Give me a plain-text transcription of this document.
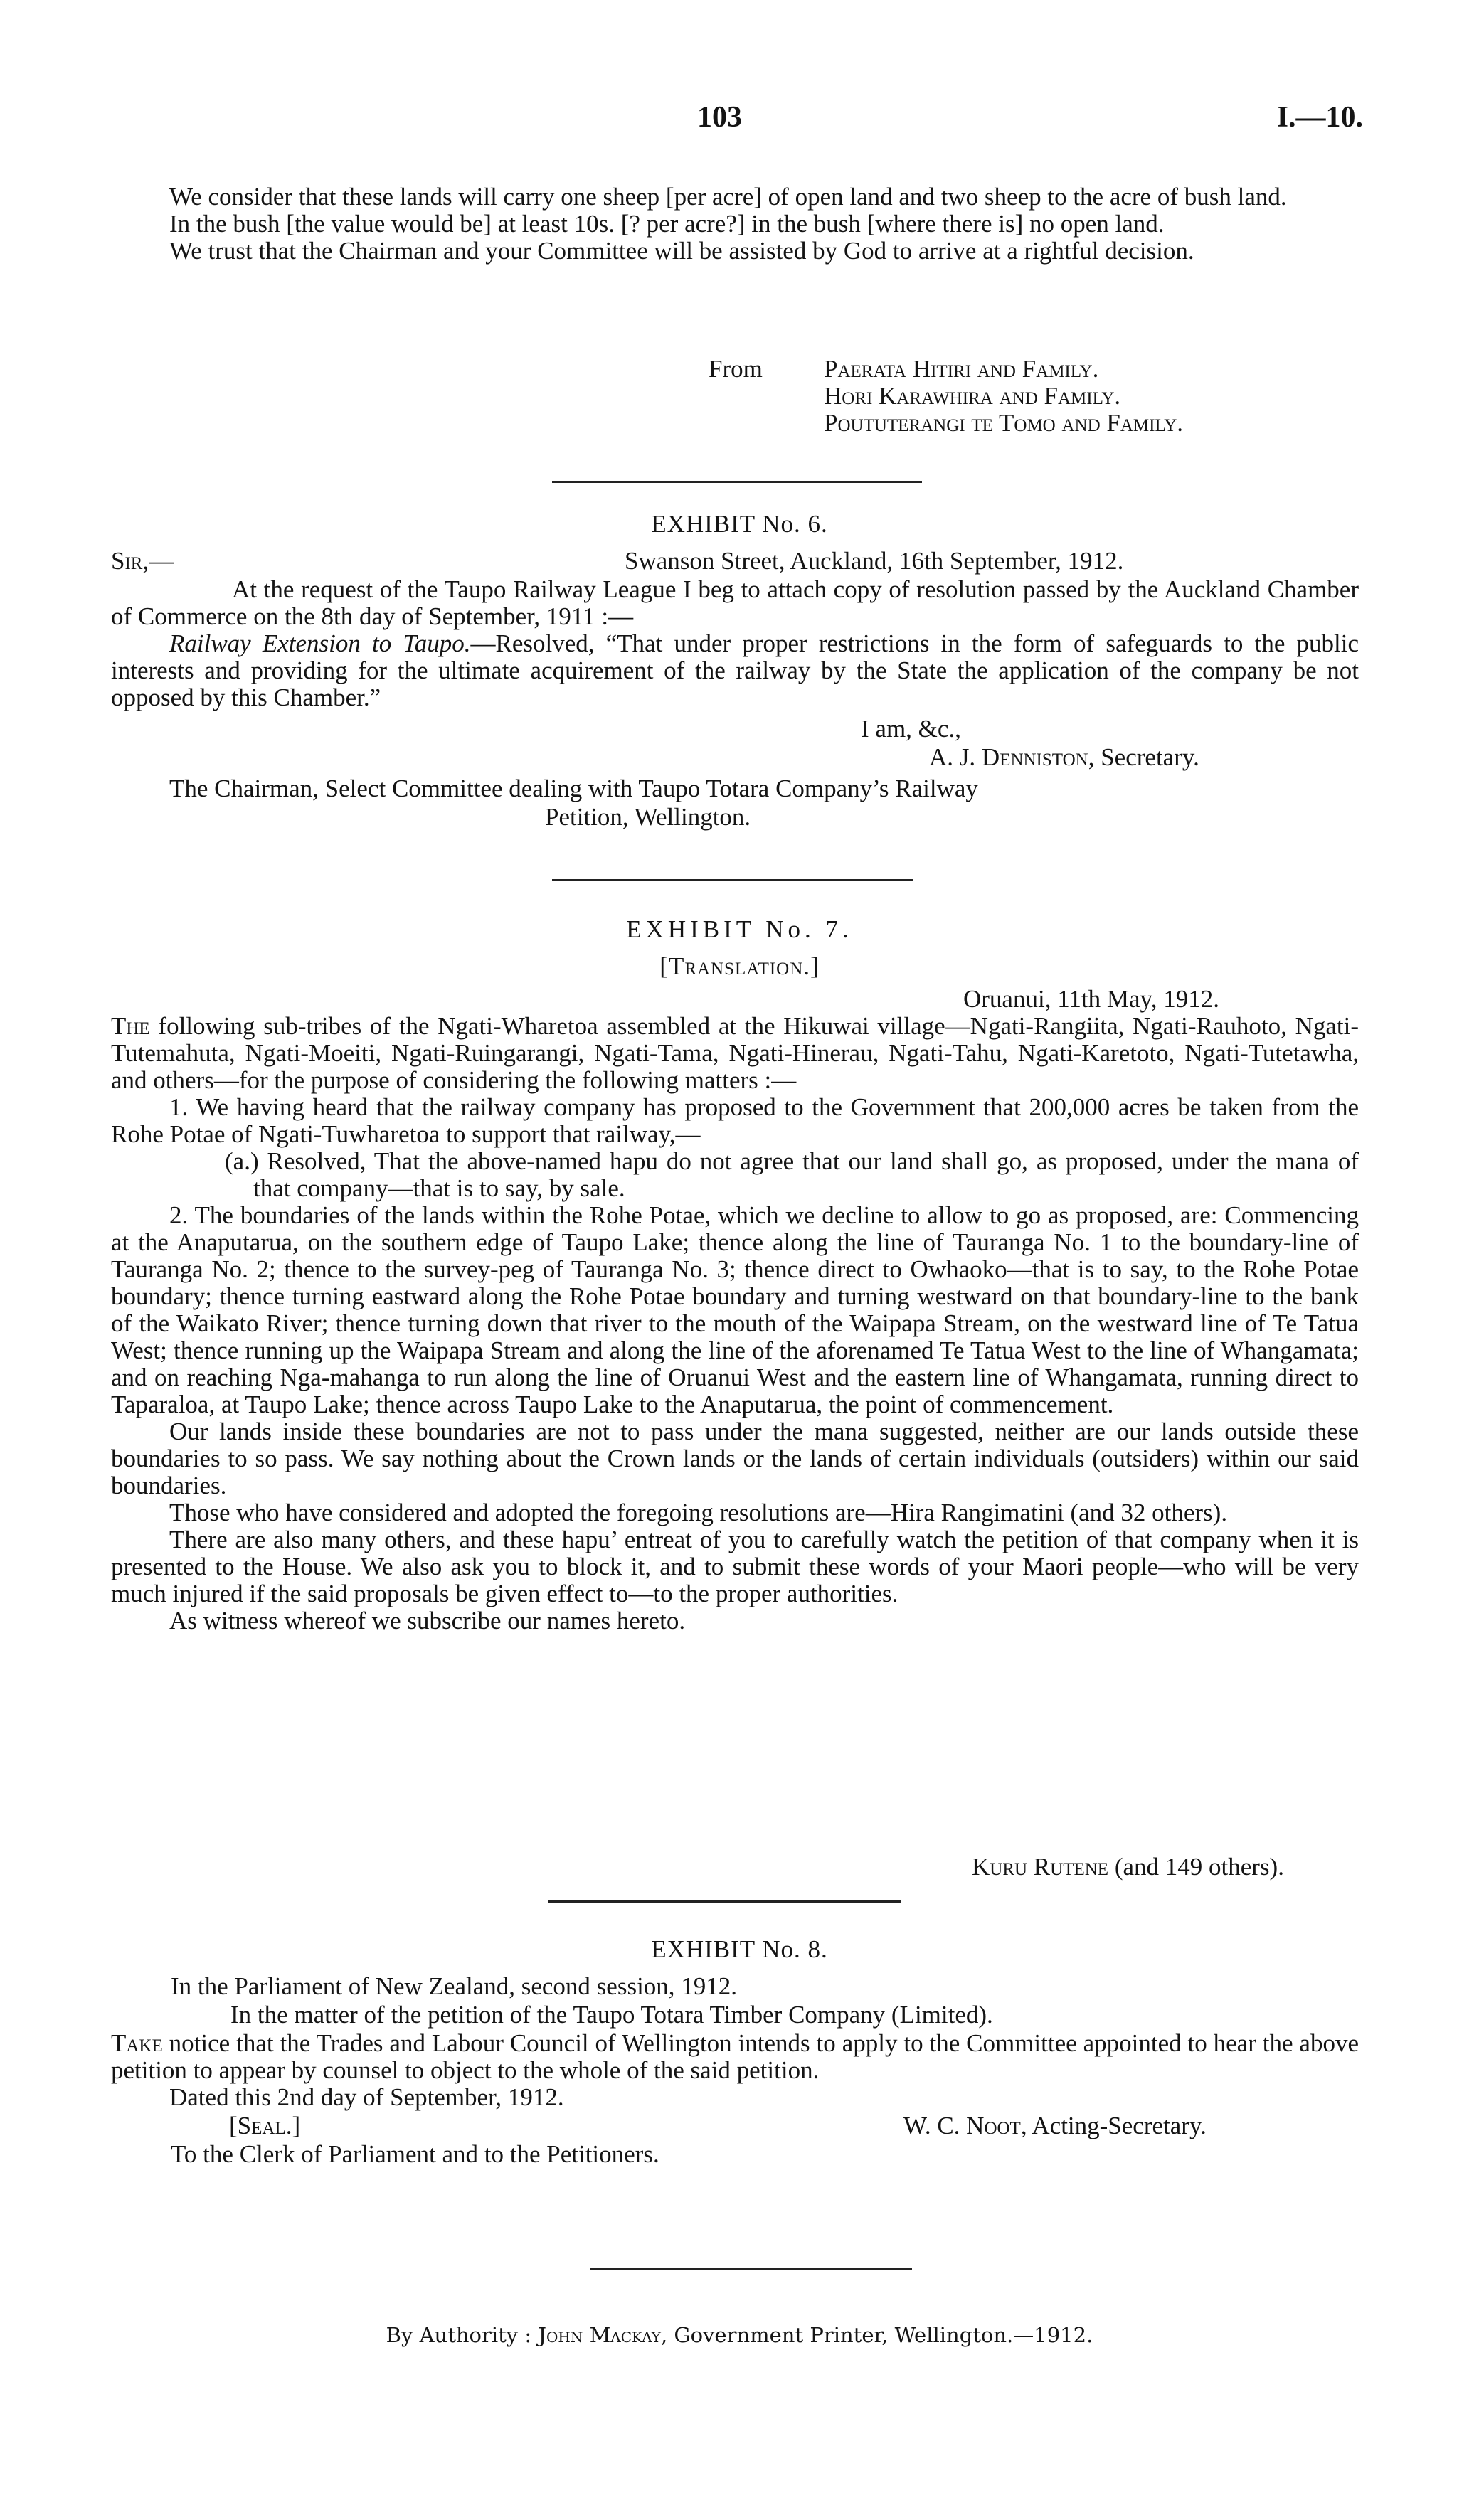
103	I.—10.

We consider that these lands will carry one sheep [per acre] of open land and two sheep to the acre of bush land.

In the bush [the value would be] at least 10s. [? per acre?] in the bush [where there is] no open land.

We trust that the Chairman and your Committee will be assisted by God to arrive at a rightful decision.

From Paerata Hitiri and Family.
Hori Karawhira and Family.
Poututerangi te Tomo and Family.
EXHIBIT No. 6.
Sir,—	Swanson Street, Auckland, 16th September, 1912.

At the request of the Taupo Railway League I beg to attach copy of resolution passed by the Auckland Chamber of Commerce on the 8th day of September, 1911 :—

Railway Extension to Taupo.—Resolved, “That under proper restrictions in the form of safeguards to the public interests and providing for the ultimate acquirement of the railway by the State the application of the company be not opposed by this Chamber.”

I am, &c.,
A. J. Denniston, Secretary.
The Chairman, Select Committee dealing with Taupo Totara Company’s Railway
Petition, Wellington.
EXHIBIT No. 7.
[Translation.]
Oruanui, 11th May, 1912.

The following sub-tribes of the Ngati-Wharetoa assembled at the Hikuwai village—Ngati-Rangiita, Ngati-Rauhoto, Ngati-Tutemahuta, Ngati-Moeiti, Ngati-Ruingarangi, Ngati-Tama, Ngati-Hinerau, Ngati-Tahu, Ngati-Karetoto, Ngati-Tutetawha, and others—for the purpose of considering the following matters :—

1. We having heard that the railway company has proposed to the Government that 200,000 acres be taken from the Rohe Potae of Ngati-Tuwharetoa to support that railway,—

(a.) Resolved, That the above-named hapu do not agree that our land shall go, as proposed, under the mana of that company—that is to say, by sale.

2. The boundaries of the lands within the Rohe Potae, which we decline to allow to go as proposed, are: Commencing at the Anaputarua, on the southern edge of Taupo Lake; thence along the line of Tauranga No. 1 to the boundary-line of Tauranga No. 2; thence to the survey-peg of Tauranga No. 3; thence direct to Owhaoko—that is to say, to the Rohe Potae boundary; thence turning eastward along the Rohe Potae boundary and turning westward on that boundary-line to the bank of the Waikato River; thence turning down that river to the mouth of the Waipapa Stream, on the westward line of Te Tatua West; thence running up the Waipapa Stream and along the line of the aforenamed Te Tatua West to the line of Whangamata; and on reaching Nga-mahanga to run along the line of Oruanui West and the eastern line of Whangamata, running direct to Taparaloa, at Taupo Lake; thence across Taupo Lake to the Anaputarua, the point of commencement.

Our lands inside these boundaries are not to pass under the mana suggested, neither are our lands outside these boundaries to so pass. We say nothing about the Crown lands or the lands of certain individuals (outsiders) within our said boundaries.

Those who have considered and adopted the foregoing resolutions are—Hira Rangimatini (and 32 others).

There are also many others, and these hapu’ entreat of you to carefully watch the petition of that company when it is presented to the House. We also ask you to block it, and to submit these words of your Maori people—who will be very much injured if the said proposals be given effect to—to the proper authorities.

As witness whereof we subscribe our names hereto.

Kuru Rutene (and 149 others).
EXHIBIT No. 8.
In the Parliament of New Zealand, second session, 1912.
In the matter of the petition of the Taupo Totara Timber Company (Limited).

Take notice that the Trades and Labour Council of Wellington intends to apply to the Committee appointed to hear the above petition to appear by counsel to object to the whole of the said petition.

Dated this 2nd day of September, 1912.

[Seal.]	W. C. Noot, Acting-Secretary.
To the Clerk of Parliament and to the Petitioners.
By Authority : John Mackay, Government Printer, Wellington.—1912.
